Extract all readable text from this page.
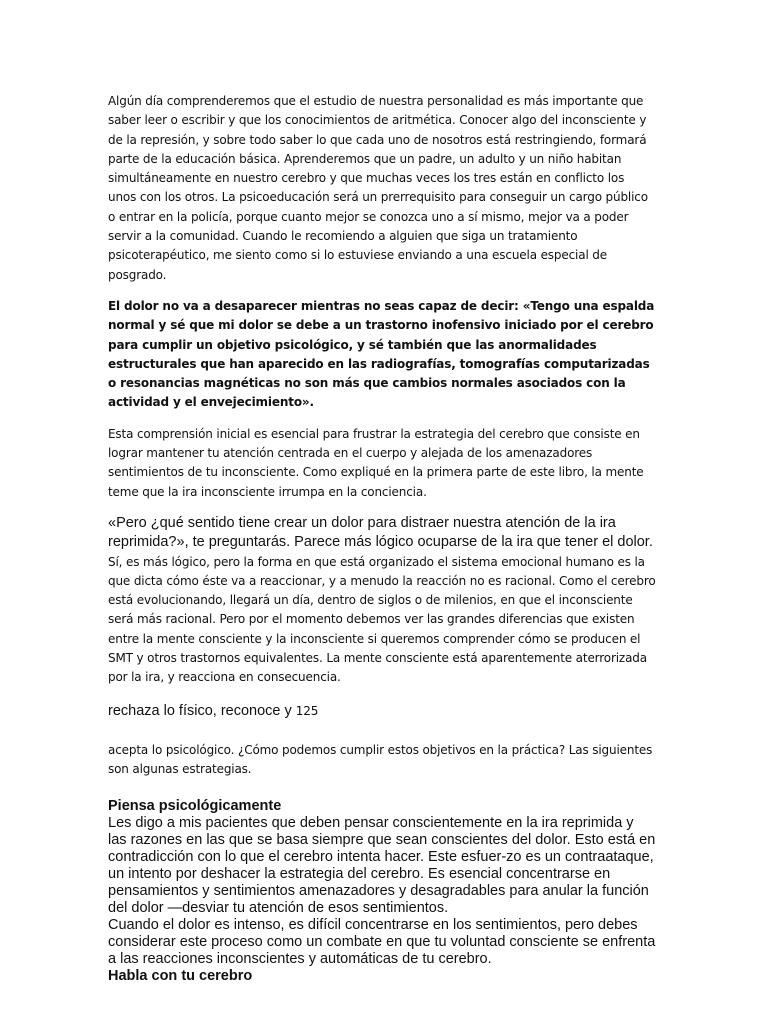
Algún día comprenderemos que el estudio de nuestra personalidad es más importante que saber leer o escribir y que los conocimientos de aritmética. Conocer algo del inconsciente y de la represión, y sobre todo saber lo que cada uno de nosotros está restringiendo, formará parte de la educación básica. Aprenderemos que un padre, un adulto y un niño habitan simultáneamente en nuestro cerebro y que muchas veces los tres están en conflicto los unos con los otros. La psicoeducación será un prerrequisito para conseguir un cargo público o entrar en la policía, porque cuanto mejor se conozca uno a sí mismo, mejor va a poder servir a la comunidad. Cuando le recomiendo a alguien que siga un tratamiento psicoterapéutico, me siento como si lo estuviese enviando a una escuela especial de posgrado.

El dolor no va a desaparecer mientras no seas capaz de decir: «Tengo una espalda normal y sé que mi dolor se debe a un trastorno inofensivo iniciado por el cerebro para cumplir un objetivo psicológico, y sé también que las anormalidades estructurales que han aparecido en las radiografías, tomografías computarizadas o resonancias magnéticas no son más que cambios normales asociados con la actividad y el envejecimiento».

Esta comprensión inicial es esencial para frustrar la estrategia del cerebro que consiste en lograr mantener tu atención centrada en el cuerpo y alejada de los amenazadores sentimientos de tu inconsciente. Como expliqué en la primera parte de este libro, la mente teme que la ira inconsciente irrumpa en la conciencia.

«Pero ¿qué sentido tiene crear un dolor para distraer nuestra atención de la ira reprimida?», te preguntarás. Parece más lógico ocuparse de la ira que tener el dolor. Sí, es más lógico, pero la forma en que está organizado el sistema emocional humano es la que dicta cómo éste va a reaccionar, y a menudo la reacción no es racional. Como el cerebro está evolucionando, llegará un día, dentro de siglos o de milenios, en que el inconsciente será más racional. Pero por el momento debemos ver las grandes diferencias que existen entre la mente consciente y la inconsciente si queremos comprender cómo se producen el SMT y otros trastornos equivalentes. La mente consciente está aparentemente aterrorizada por la ira, y reacciona en consecuencia.

rechaza lo físico, reconoce y 125

acepta lo psicológico. ¿Cómo podemos cumplir estos objetivos en la práctica? Las siguientes son algunas estrategias.

Piensa psicológicamente

Les digo a mis pacientes que deben pensar conscientemente en la ira reprimida y las razones en las que se basa siempre que sean conscientes del dolor. Esto está en contradicción con lo que el cerebro intenta hacer. Este esfuer-zo es un contraataque, un intento por deshacer la estrategia del cerebro. Es esencial concentrarse en pensamientos y sentimientos amenazadores y desagradables para anular la función del dolor —desviar tu atención de esos sentimientos.

Cuando el dolor es intenso, es difícil concentrarse en los sentimientos, pero debes considerar este proceso como un combate en que tu voluntad consciente se enfrenta a las reacciones inconscientes y automáticas de tu cerebro.

Habla con tu cerebro
